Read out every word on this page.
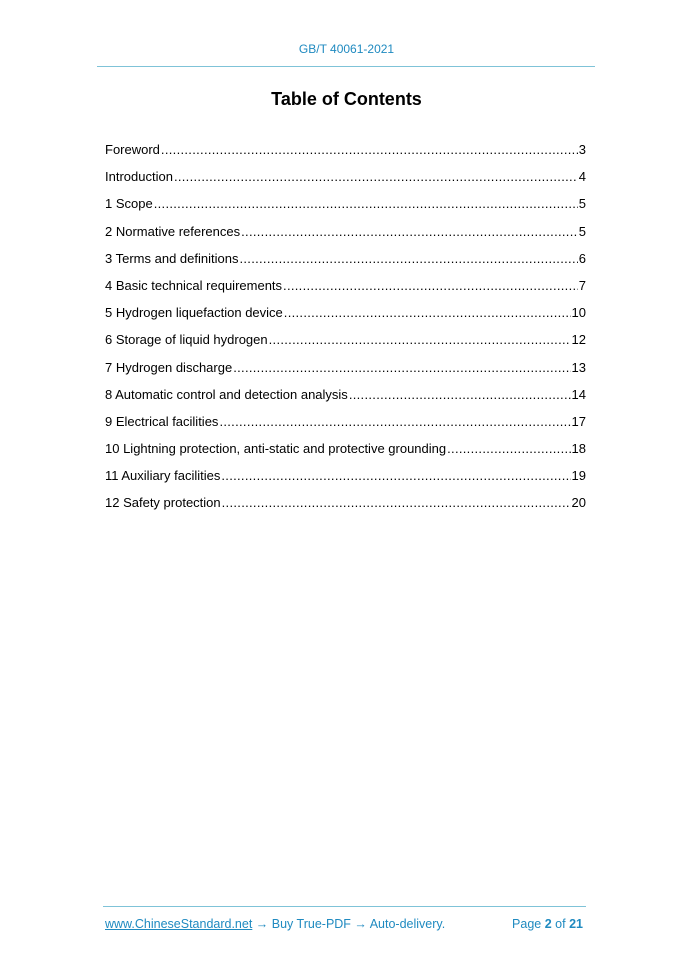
GB/T 40061-2021
Table of Contents
Foreword .....	3
Introduction .....	4
1 Scope .....	5
2 Normative references .....	5
3 Terms and definitions .....	6
4 Basic technical requirements .....	7
5 Hydrogen liquefaction device .....	10
6 Storage of liquid hydrogen .....	12
7 Hydrogen discharge .....	13
8 Automatic control and detection analysis .....	14
9 Electrical facilities .....	17
10 Lightning protection, anti-static and protective grounding .....	18
11 Auxiliary facilities .....	19
12 Safety protection .....	20
www.ChineseStandard.net → Buy True-PDF → Auto-delivery.	Page 2 of 21
